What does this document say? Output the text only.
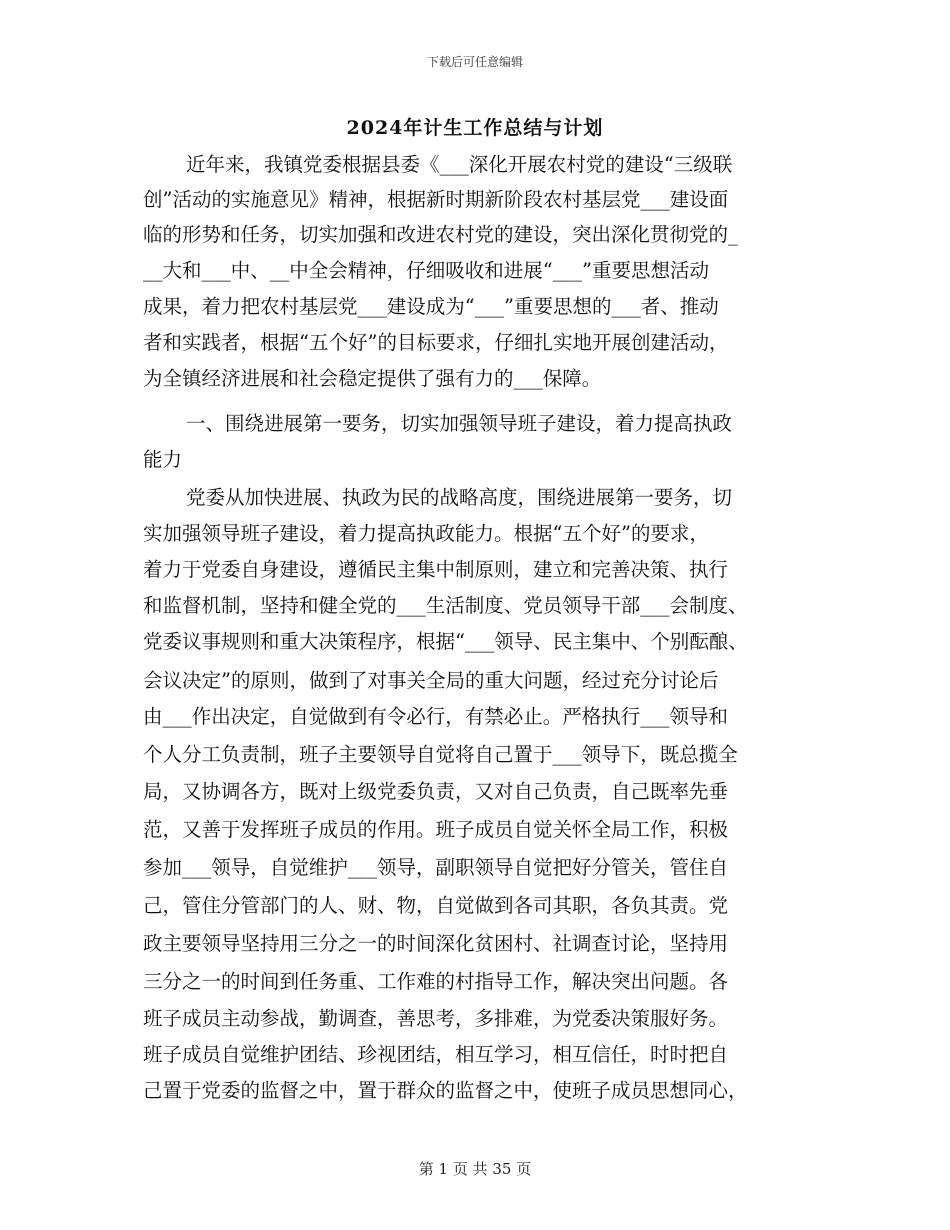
下载后可任意编辑
2024年计生工作总结与计划
近年来，我镇党委根据县委《___深化开展农村党的建设“三级联
创”活动的实施意见》精神，根据新时期新阶段农村基层党___建设面
临的形势和任务，切实加强和改进农村党的建设，突出深化贯彻党的_
__大和___中、__中全会精神，仔细吸收和进展“___”重要思想活动
成果，着力把农村基层党___建设成为“___”重要思想的___者、推动
者和实践者，根据“五个好”的目标要求，仔细扎实地开展创建活动，
为全镇经济进展和社会稳定提供了强有力的___保障。
一、围绕进展第一要务，切实加强领导班子建设，着力提高执政
能力
党委从加快进展、执政为民的战略高度，围绕进展第一要务，切
实加强领导班子建设，着力提高执政能力。根据“五个好”的要求，
着力于党委自身建设，遵循民主集中制原则，建立和完善决策、执行
和监督机制，坚持和健全党的___生活制度、党员领导干部___会制度、
党委议事规则和重大决策程序，根据“___领导、民主集中、个别酝酿、
会议决定”的原则，做到了对事关全局的重大问题，经过充分讨论后
由___作出决定，自觉做到有令必行，有禁必止。严格执行___领导和
个人分工负责制，班子主要领导自觉将自己置于___领导下，既总揽全
局，又协调各方，既对上级党委负责，又对自己负责，自己既率先垂
范，又善于发挥班子成员的作用。班子成员自觉关怀全局工作，积极
参加___领导，自觉维护___领导，副职领导自觉把好分管关，管住自
己，管住分管部门的人、财、物，自觉做到各司其职，各负其责。党
政主要领导坚持用三分之一的时间深化贫困村、社调查讨论，坚持用
三分之一的时间到任务重、工作难的村指导工作，解决突出问题。各
班子成员主动参战，勤调查，善思考，多排难，为党委决策服好务。
班子成员自觉维护团结、珍视团结，相互学习，相互信任，时时把自
己置于党委的监督之中，置于群众的监督之中，使班子成员思想同心，
第 1 页 共 35 页
